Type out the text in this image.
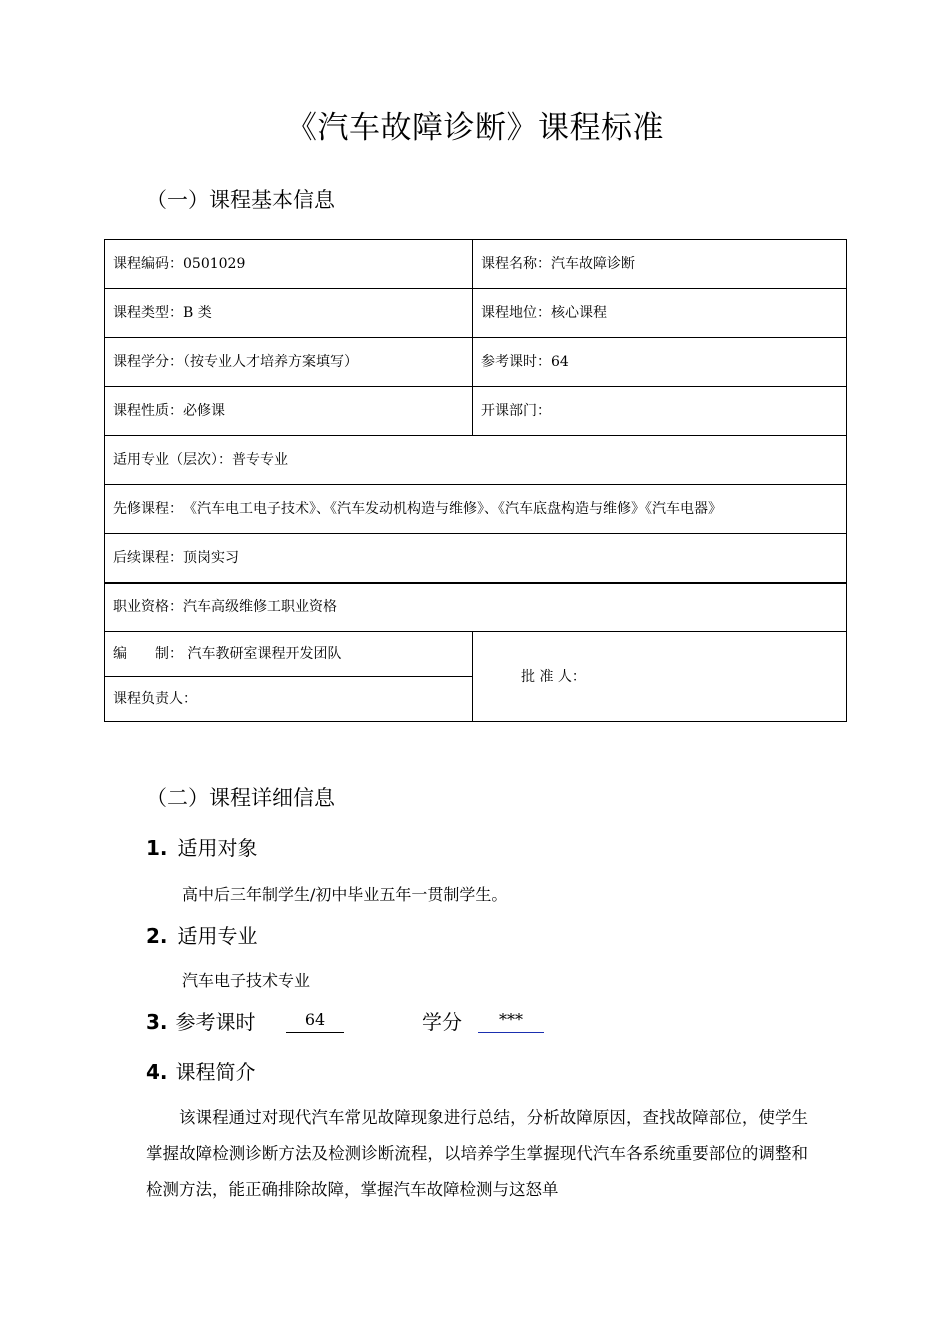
《汽车故障诊断》课程标准
（一）课程基本信息
课程编码：0501029	课程名称：汽车故障诊断
课程类型：B 类	课程地位：核心课程
课程学分：（按专业人才培养方案填写）	参考课时：64
课程性质：必修课	开课部门：
适用专业（层次）：普专专业	
先修课程：　《汽车电工电子技术》、《汽车发动机构造与维修》、《汽车底盘构造与维修》《汽车电器》	
后续课程：顶岗实习	
职业资格：汽车高级维修工职业资格	
编　　制： 汽车教研室课程开发团队	批 准 人：
课程负责人：	
（二）课程详细信息
1. 适用对象
高中后三年制学生/初中毕业五年一贯制学生。
2. 适用专业
汽车电子技术专业
3. 参考课时	64	学分	***
4. 课程简介
该课程通过对现代汽车常见故障现象进行总结，分析故障原因，查找故障部位，使学生掌握故障检测诊断方法及检测诊断流程，以培养学生掌握现代汽车各系统重要部位的调整和检测方法，能正确排除故障，掌握汽车故障检测与这怒单
